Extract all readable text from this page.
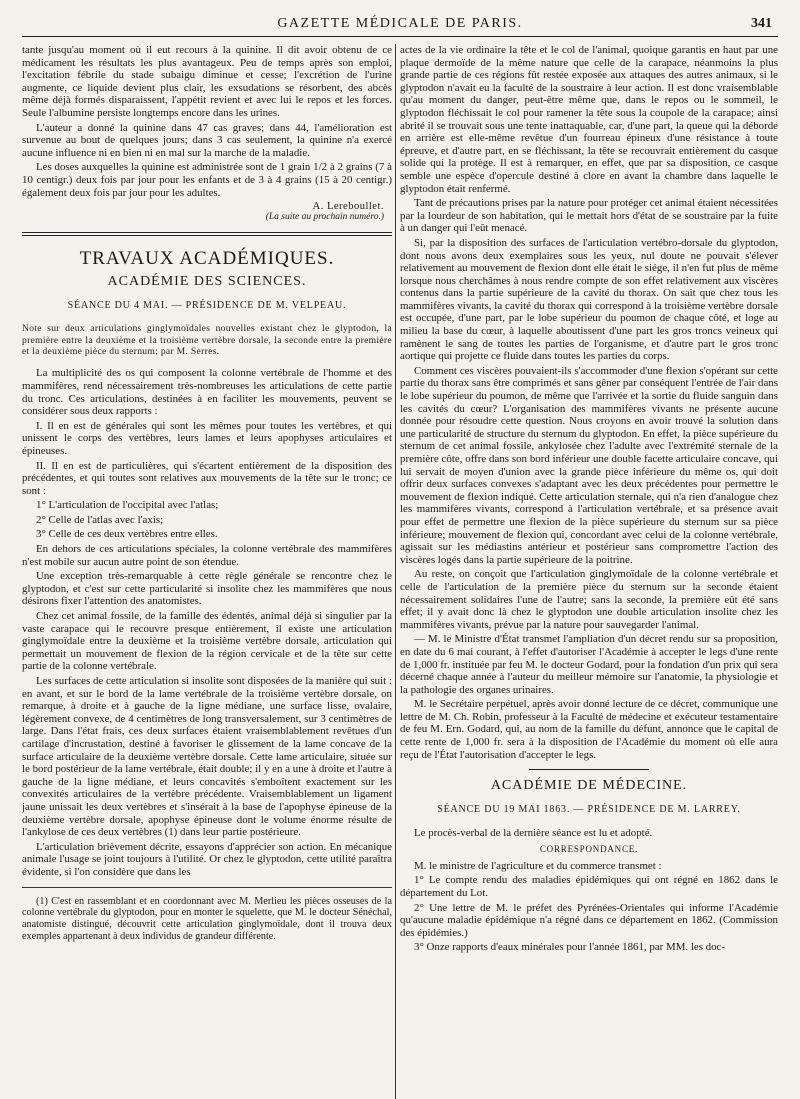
GAZETTE MÉDICALE DE PARIS.	341

tante jusqu'au moment où il eut recours à la quinine. Il dit avoir obtenu de ce médicament les résultats les plus avantageux. Peu de temps après son emploi, l'excitation fébrile du stade subaigu diminue et cesse; l'excrétion de l'urine augmente, ce liquide devient plus clair, les exsudations se résorbent, des abcès même déjà formés disparaissent, l'appétit revient et avec lui le repos et les forces. Seule l'albumine persiste longtemps encore dans les urines.

L'auteur a donné la quinine dans 47 cas graves; dans 44, l'amélioration est survenue au bout de quelques jours; dans 3 cas seulement, la quinine n'a exercé aucune influence ni en bien ni en mal sur la marche de la maladie.

Les doses auxquelles la quinine est administrée sont de 1 grain 1/2 à 2 grains (7 à 10 centigr.) deux fois par jour pour les enfants et de 3 à 4 grains (15 à 20 centigr.) également deux fois par jour pour les adultes.

A. Lereboullet.
(La suite au prochain numéro.)
TRAVAUX ACADÉMIQUES.
ACADÉMIE DES SCIENCES.
SÉANCE DU 4 MAI. — PRÉSIDENCE DE M. VELPEAU.
Note sur deux articulations ginglymoïdales nouvelles existant chez le glyptodon, la première entre la deuxième et la troisième vertèbre dorsale, la seconde entre la première et la deuxième pièce du sternum; par M. Serres.

La multiplicité des os qui composent la colonne vertébrale de l'homme et des mammifères, rend nécessairement très-nombreuses les articulations de cette partie du tronc. Ces articulations, destinées à en faciliter les mouvements, peuvent se considérer sous deux rapports :

I. Il en est de générales qui sont les mêmes pour toutes les vertèbres, et qui unissent le corps des vertèbres, leurs lames et leurs apophyses articulaires et épineuses.

II. Il en est de particulières, qui s'écartent entièrement de la disposition des précédentes, et qui toutes sont relatives aux mouvements de la tête sur le tronc; ce sont :

1° L'articulation de l'occipital avec l'atlas;

2° Celle de l'atlas avec l'axis;

3° Celle de ces deux vertèbres entre elles.

En dehors de ces articulations spéciales, la colonne vertébrale des mammifères n'est mobile sur aucun autre point de son étendue.

Une exception très-remarquable à cette règle générale se rencontre chez le glyptodon, et c'est sur cette particularité si insolite chez les mammifères que nous désirons fixer l'attention des anatomistes.

Chez cet animal fossile, de la famille des édentés, animal déjà si singulier par la vaste carapace qui le recouvre presque entièrement, il existe une articulation ginglymoïdale entre la deuxième et la troisième vertèbre dorsale, articulation qui permettait un mouvement de flexion de la région cervicale et de la tête sur cette partie de la colonne vertébrale.

Les surfaces de cette articulation si insolite sont disposées de la manière qui suit : en avant, et sur le bord de la lame vertébrale de la troisième vertèbre dorsale, on remarque, à droite et à gauche de la ligne médiane, une surface lisse, ovalaire, légèrement convexe, de 4 centimètres de long transversalement, sur 3 centimètres de large. Dans l'état frais, ces deux surfaces étaient vraisemblablement revêtues d'un cartilage d'incrustation, destiné à favoriser le glissement de la lame concave de la surface articulaire de la deuxième vertèbre dorsale. Cette lame articulaire, située sur le bord postérieur de la lame vertébrale, était double; il y en a une à droite et l'autre à gauche de la ligne médiane, et leurs concavités s'emboîtent exactement sur les convexités articulaires de la vertèbre précédente. Vraisemblablement un ligament jaune unissait les deux vertèbres et s'insérait à la base de l'apophyse épineuse de la deuxième vertèbre dorsale, apophyse épineuse dont le volume énorme résulte de l'ankylose de ces deux vertèbres (1) dans leur partie postérieure.

L'articulation brièvement décrite, essayons d'apprécier son action. En mécanique animale l'usage se joint toujours à l'utilité. Or chez le glyptodon, cette utilité paraîtra évidente, si l'on considère que dans les

(1) C'est en rassemblant et en coordonnant avec M. Merlieu les pièces osseuses de la colonne vertébrale du glyptodon, pour en monter le squelette, que M. le docteur Sénéchal, anatomiste distingué, découvrit cette articulation ginglymoïdale, dont il trouva deux exemples appartenant à deux individus de grandeur différente.

actes de la vie ordinaire la tête et le col de l'animal, quoique garantis en haut par une plaque dermoïde de la même nature que celle de la carapace, néanmoins la plus grande partie de ces régions fût restée exposée aux attaques des autres animaux, si le glyptodon n'avait eu la faculté de la soustraire à leur action. Il est donc vraisemblable qu'au moment du danger, peut-être même que, dans le repos ou le sommeil, le glyptodon fléchissait le col pour ramener la tête sous la coupole de la carapace; ainsi abrité il se trouvait sous une tente inattaquable, car, d'une part, la queue qui la déborde en arrière est elle-même revêtue d'un fourreau épineux d'une résistance à toute épreuve, et d'autre part, en se fléchissant, la tête se recouvrait entièrement du casque solide qui la protège. Il est à remarquer, en effet, que par sa disposition, ce casque semble une espèce d'opercule destiné à clore en avant la chambre dans laquelle le glyptodon était renfermé.

Tant de précautions prises par la nature pour protéger cet animal étaient nécessitées par la lourdeur de son habitation, qui le mettait hors d'état de se soustraire par la fuite à un danger qui l'eût menacé.

Si, par la disposition des surfaces de l'articulation vertébro-dorsale du glyptodon, dont nous avons deux exemplaires sous les yeux, nul doute ne pouvait s'élever relativement au mouvement de flexion dont elle était le siége, il n'en fut plus de même lorsque nous cherchâmes à nous rendre compte de son effet relativement aux viscères contenus dans la partie supérieure de la cavité du thorax. On sait que chez tous les mammifères vivants, la cavité du thorax qui correspond à la troisième vertèbre dorsale est occupée, d'une part, par le lobe supérieur du poumon de chaque côté, et loge au milieu la base du cœur, à laquelle aboutissent d'une part les gros troncs veineux qui ramènent le sang de toutes les parties de l'organisme, et d'autre part le gros tronc aortique qui projette ce fluide dans toutes les parties du corps.

Comment ces viscères pouvaient-ils s'accommoder d'une flexion s'opérant sur cette partie du thorax sans être comprimés et sans gêner par conséquent l'entrée de l'air dans le lobe supérieur du poumon, de même que l'arrivée et la sortie du fluide sanguin dans les cavités du cœur? L'organisation des mammifères vivants ne présente aucune donnée pour résoudre cette question. Nous croyons en avoir trouvé la solution dans une particularité de structure du sternum du glyptodon. En effet, la pièce supérieure du sternum de cet animal fossile, ankylosée chez l'adulte avec l'extrémité sternale de la première côte, offre dans son bord inférieur une double facette articulaire concave, qui lui servait de moyen d'union avec la grande pièce inférieure du même os, qui doit offrir deux surfaces convexes s'adaptant avec les deux précédentes pour permettre le mouvement de flexion indiqué. Cette articulation sternale, qui n'a rien d'analogue chez les mammifères vivants, correspond à l'articulation vertébrale, et sa présence avait pour effet de permettre une flexion de la pièce supérieure du sternum sur sa pièce inférieure; mouvement de flexion qui, concordant avec celui de la colonne vertébrale, agissait sur les médiastins antérieur et postérieur sans compromettre l'action des viscères logés dans la partie supérieure de la poitrine.

Au reste, on conçoit que l'articulation ginglymoïdale de la colonne vertébrale et celle de l'articulation de la première pièce du sternum sur la seconde étaient nécessairement solidaires l'une de l'autre; sans la seconde, la première eût été sans effet; il y avait donc là chez le glyptodon une double articulation insolite chez les mammifères vivants, prévue par la nature pour sauvegarder l'animal.

— M. le Ministre d'État transmet l'ampliation d'un décret rendu sur sa proposition, en date du 6 mai courant, à l'effet d'autoriser l'Académie à accepter le legs d'une rente de 1,000 fr. instituée par feu M. le docteur Godard, pour la fondation d'un prix qui sera décerné chaque année à l'auteur du meilleur mémoire sur l'anatomie, la physiologie et la pathologie des organes urinaires.

M. le Secrétaire perpétuel, après avoir donné lecture de ce décret, communique une lettre de M. Ch. Robin, professeur à la Faculté de médecine et exécuteur testamentaire de feu M. Ern. Godard, qui, au nom de la famille du défunt, annonce que le capital de cette rente de 1,000 fr. sera à la disposition de l'Académie du moment où elle aura reçu de l'État l'autorisation d'accepter le legs.

ACADÉMIE DE MÉDECINE.
SÉANCE DU 19 MAI 1863. — PRÉSIDENCE DE M. LARREY.

Le procès-verbal de la dernière séance est lu et adopté.

CORRESPONDANCE.

M. le ministre de l'agriculture et du commerce transmet :

1° Le compte rendu des maladies épidémiques qui ont régné en 1862 dans le département du Lot.

2° Une lettre de M. le préfet des Pyrénées-Orientales qui informe l'Académie qu'aucune maladie épidémique n'a régné dans ce département en 1862. (Commission des épidémies.)

3° Onze rapports d'eaux minérales pour l'année 1861, par MM. les doc-
